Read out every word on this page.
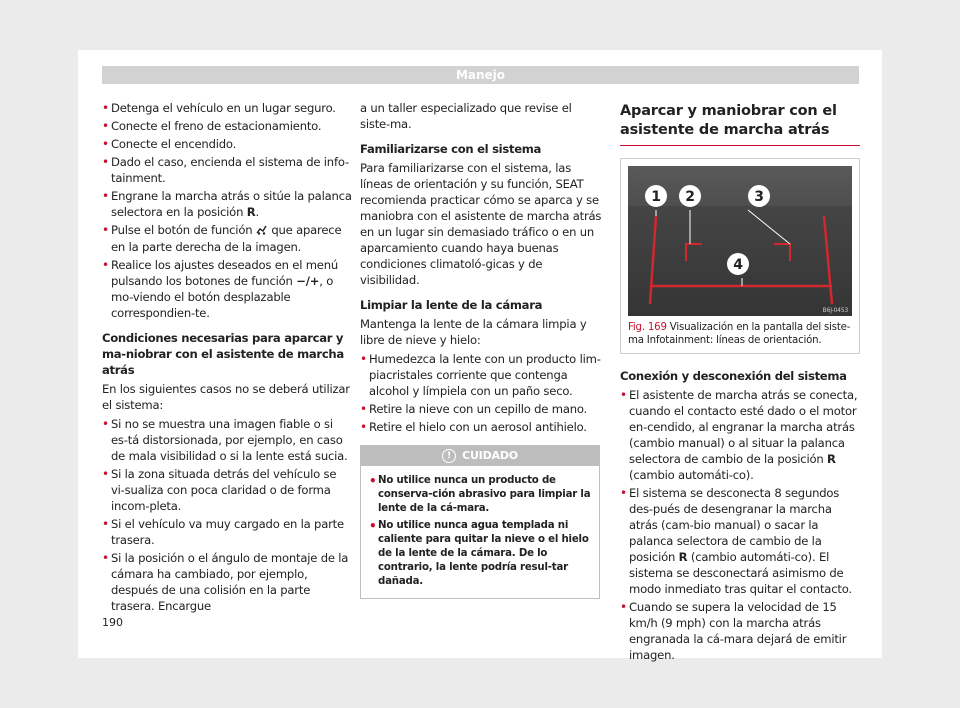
Manejo
• Detenga el vehículo en un lugar seguro.
• Conecte el freno de estacionamiento.
• Conecte el encendido.
• Dado el caso, encienda el sistema de info-tainment.
• Engrane la marcha atrás o sitúe la palanca selectora en la posición R.
• Pulse el botón de función  que aparece en la parte derecha de la imagen.
• Realice los ajustes deseados en el menú pulsando los botones de función −/+, o mo-viendo el botón desplazable correspondien-te.
Condiciones necesarias para aparcar y ma-niobrar con el asistente de marcha atrás
En los siguientes casos no se deberá utilizar el sistema:
• Si no se muestra una imagen fiable o si es-tá distorsionada, por ejemplo, en caso de mala visibilidad o si la lente está sucia.
• Si la zona situada detrás del vehículo se vi-sualiza con poca claridad o de forma incom-pleta.
• Si el vehículo va muy cargado en la parte trasera.
• Si la posición o el ángulo de montaje de la cámara ha cambiado, por ejemplo, después de una colisión en la parte trasera. Encargue
a un taller especializado que revise el siste-ma.
Familiarizarse con el sistema
Para familiarizarse con el sistema, las líneas de orientación y su función, SEAT recomienda practicar cómo se aparca y se maniobra con el asistente de marcha atrás en un lugar sin demasiado tráfico o en un aparcamiento cuando haya buenas condiciones climatoló-gicas y de visibilidad.
Limpiar la lente de la cámara
Mantenga la lente de la cámara limpia y libre de nieve y hielo:
• Humedezca la lente con un producto lim-piacristales corriente que contenga alcohol y límpiela con un paño seco.
• Retire la nieve con un cepillo de mano.
• Retire el hielo con un aerosol antihielo.
!	CUIDADO
• No utilice nunca un producto de conserva-ción abrasivo para limpiar la lente de la cá-mara.
• No utilice nunca agua templada ni caliente para quitar la nieve o el hielo de la lente de la cámara. De lo contrario, la lente podría resul-tar dañada.
Aparcar y maniobrar con el asistente de marcha atrás
1 2	3
4
B6J-0453
Fig. 169 Visualización en la pantalla del siste-ma Infotainment: líneas de orientación.
Conexión y desconexión del sistema
• El asistente de marcha atrás se conecta, cuando el contacto esté dado o el motor en-cendido, al engranar la marcha atrás (cambio manual) o al situar la palanca selectora de cambio de la posición R (cambio automáti-co).
• El sistema se desconecta 8 segundos des-pués de desengranar la marcha atrás (cam-bio manual) o sacar la palanca selectora de cambio de la posición R (cambio automáti-co). El sistema se desconectará asimismo de modo inmediato tras quitar el contacto.
• Cuando se supera la velocidad de 15 km/h (9 mph) con la marcha atrás engranada la cá-mara dejará de emitir imagen.
190
